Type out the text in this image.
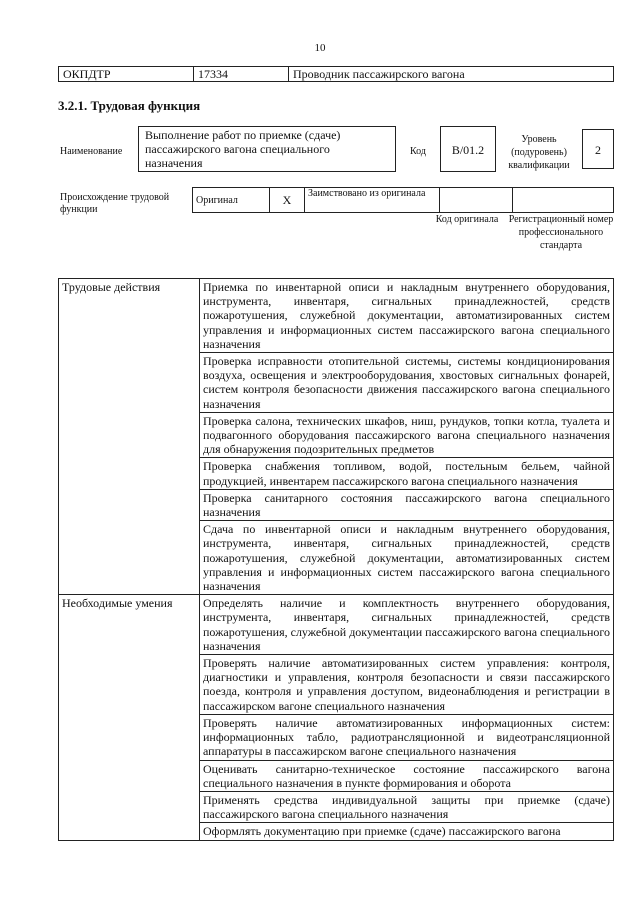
10
ОКПДТР	17334	Проводник пассажирского вагона
3.2.1. Трудовая функция
Наименование
Выполнение работ по приемке (сдаче) пассажирского вагона специального назначения
Код	B/01.2
Уровень (подуровень) квалификации
2
Происхождение трудовой функции
Оригинал	X	Заимствовано из оригинала		
Код оригинала Регистрационный номер профессионального стандарта
Трудовые действия	Приемка по инвентарной описи и накладным внутреннего оборудования, инструмента, инвентаря, сигнальных принадлежностей, средств пожаротушения, служебной документации, автоматизированных систем управления и информационных систем пассажирского вагона специального назначения
	Проверка исправности отопительной системы, системы кондиционирования воздуха, освещения и электрооборудования, хвостовых сигнальных фонарей, систем контроля безопасности движения пассажирского вагона специального назначения
	Проверка салона, технических шкафов, ниш, рундуков, топки котла, туалета и подвагонного оборудования пассажирского вагона специального назначения для обнаружения подозрительных предметов
	Проверка снабжения топливом, водой, постельным бельем, чайной продукцией, инвентарем пассажирского вагона специального назначения
	Проверка санитарного состояния пассажирского вагона специального назначения
	Сдача по инвентарной описи и накладным внутреннего оборудования, инструмента, инвентаря, сигнальных принадлежностей, средств пожаротушения, служебной документации, автоматизированных систем управления и информационных систем пассажирского вагона специального назначения
Необходимые умения	Определять наличие и комплектность внутреннего оборудования, инструмента, инвентаря, сигнальных принадлежностей, средств пожаротушения, служебной документации пассажирского вагона специального назначения
	Проверять наличие автоматизированных систем управления: контроля, диагностики и управления, контроля безопасности и связи пассажирского поезда, контроля и управления доступом, видеонаблюдения и регистрации в пассажирском вагоне специального назначения
	Проверять наличие автоматизированных информационных систем: информационных табло, радиотрансляционной и видеотрансляционной аппаратуры в пассажирском вагоне специального назначения
	Оценивать санитарно-техническое состояние пассажирского вагона специального назначения в пункте формирования и оборота
	Применять средства индивидуальной защиты при приемке (сдаче) пассажирского вагона специального назначения
	Оформлять документацию при приемке (сдаче) пассажирского вагона
